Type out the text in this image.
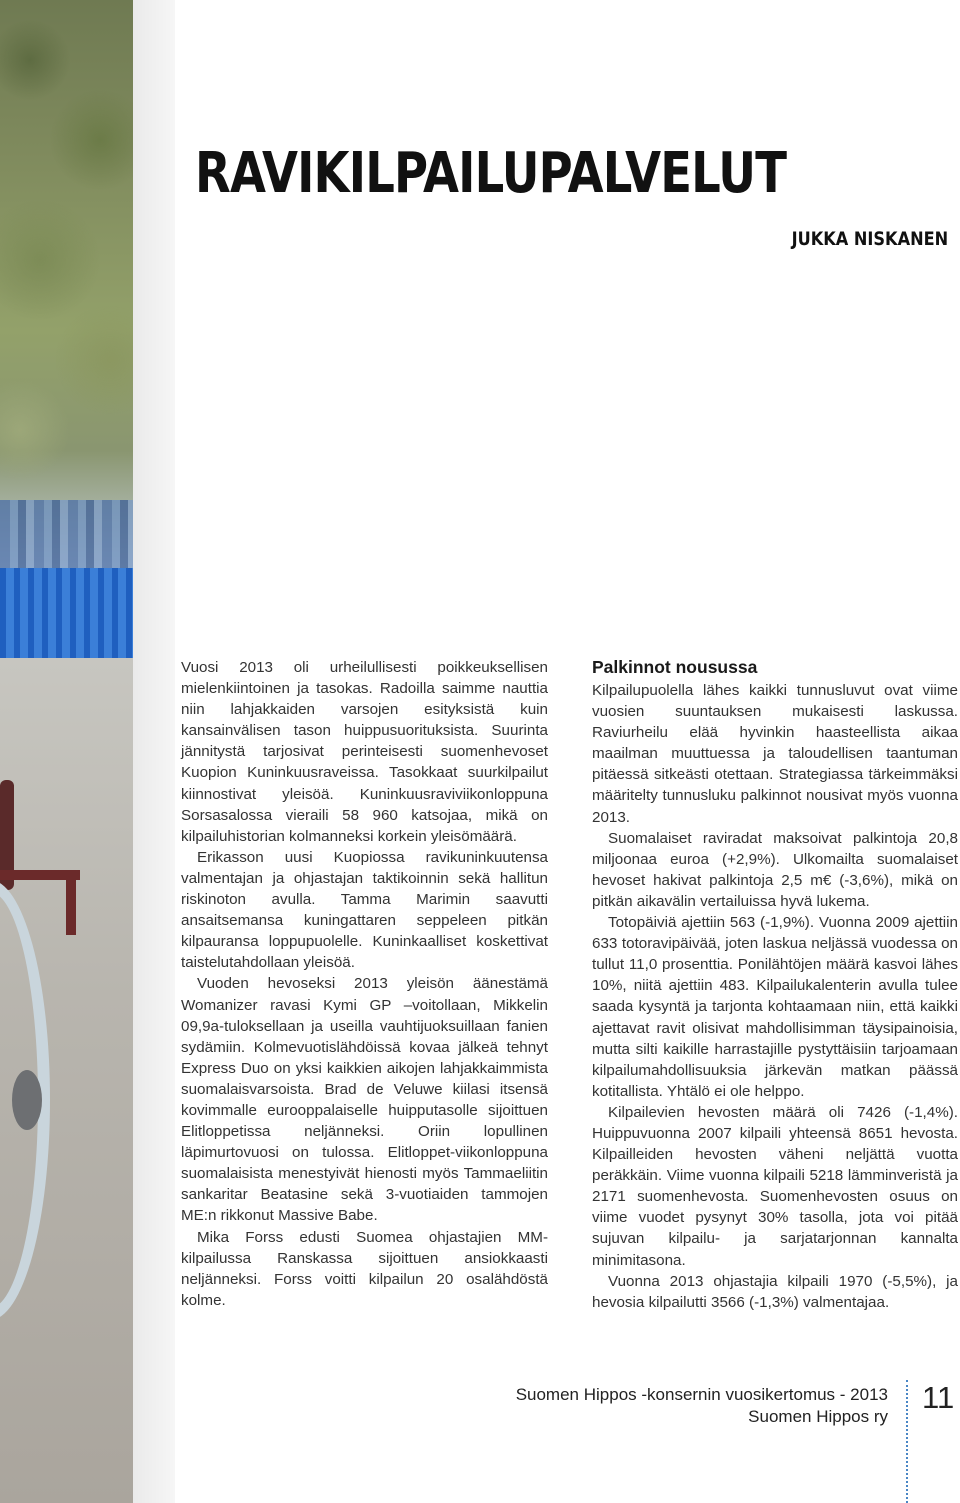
RAVIKILPAILUPALVELUT
JUKKA NISKANEN

Vuosi 2013 oli urheilullisesti poikkeuksellisen mielenkiintoinen ja tasokas. Radoilla saimme nauttia niin lahjakkaiden varsojen esityksistä kuin kansainvälisen tason huippusuorituksista. Suurinta jännitystä tarjosivat perinteisesti suomenhevoset Kuopion Kuninkuusraveissa. Tasokkaat suurkilpailut kiinnostivat yleisöä. Kuninkuusraviviikonloppuna Sorsasalossa vieraili 58 960 katsojaa, mikä on kilpailuhistorian kolmanneksi korkein yleisömäärä.

Erikasson uusi Kuopiossa ravikuninkuutensa valmentajan ja ohjastajan taktikoinnin sekä hallitun riskinoton avulla. Tamma Marimin saavutti ansaitsemansa kuningattaren seppeleen pitkän kilpauransa loppupuolelle. Kuninkaalliset koskettivat taistelutahdollaan yleisöä.

Vuoden hevoseksi 2013 yleisön äänestämä Womanizer ravasi Kymi GP –voitollaan, Mikkelin 09,9a-tuloksellaan ja useilla vauhtijuoksuillaan fanien sydämiin. Kolmevuotislähdöissä kovaa jälkeä tehnyt Express Duo on yksi kaikkien aikojen lahjakkaimmista suomalaisvarsoista. Brad de Veluwe kiilasi itsensä kovimmalle eurooppalaiselle huipputasolle sijoittuen Elitloppetissa neljänneksi. Oriin lopullinen läpimurtovuosi on tulossa. Elitloppet-viikonloppuna suomalaisista menestyivät hienosti myös Tammaeliitin sankaritar Beatasine sekä 3-vuotiaiden tammojen ME:n rikkonut Massive Babe.

Mika Forss edusti Suomea ohjastajien MM-kilpailussa Ranskassa sijoittuen ansiokkaasti neljänneksi. Forss voitti kilpailun 20 osalähdöstä kolme.

Palkinnot nousussa

Kilpailupuolella lähes kaikki tunnusluvut ovat viime vuosien suuntauksen mukaisesti laskussa. Raviurheilu elää hyvinkin haasteellista aikaa maailman muuttuessa ja taloudellisen taantuman pitäessä sitkeästi otettaan. Strategiassa tärkeimmäksi määritelty tunnusluku palkinnot nousivat myös vuonna 2013.

Suomalaiset raviradat maksoivat palkintoja 20,8 miljoonaa euroa (+2,9%). Ulkomailta suomalaiset hevoset hakivat palkintoja 2,5 m€ (-3,6%), mikä on pitkän aikavälin vertailuissa hyvä lukema.

Totopäiviä ajettiin 563 (-1,9%). Vuonna 2009 ajettiin 633 totoravipäivää, joten laskua neljässä vuodessa on tullut 11,0 prosenttia. Ponilähtöjen määrä kasvoi lähes 10%, niitä ajettiin 483. Kilpailukalenterin avulla tulee saada kysyntä ja tarjonta kohtaamaan niin, että kaikki ajettavat ravit olisivat mahdollisimman täysipainoisia, mutta silti kaikille harrastajille pystyttäisiin tarjoamaan kilpailumahdollisuuksia järkevän matkan päässä kotitallista. Yhtälö ei ole helppo.

Kilpailevien hevosten määrä oli 7426 (-1,4%). Huippuvuonna 2007 kilpaili yhteensä 8651 hevosta. Kilpailleiden hevosten väheni neljättä vuotta peräkkäin. Viime vuonna kilpaili 5218 lämminveristä ja 2171 suomenhevosta. Suomenhevosten osuus on viime vuodet pysynyt 30% tasolla, jota voi pitää sujuvan kilpailu- ja sarjatarjonnan kannalta minimitasona.

Vuonna 2013 ohjastajia kilpaili 1970 (-5,5%), ja hevosia kilpailutti 3566 (-1,3%) valmentajaa.

Suomen Hippos -konsernin vuosikertomus - 2013
Suomen Hippos ry
11
